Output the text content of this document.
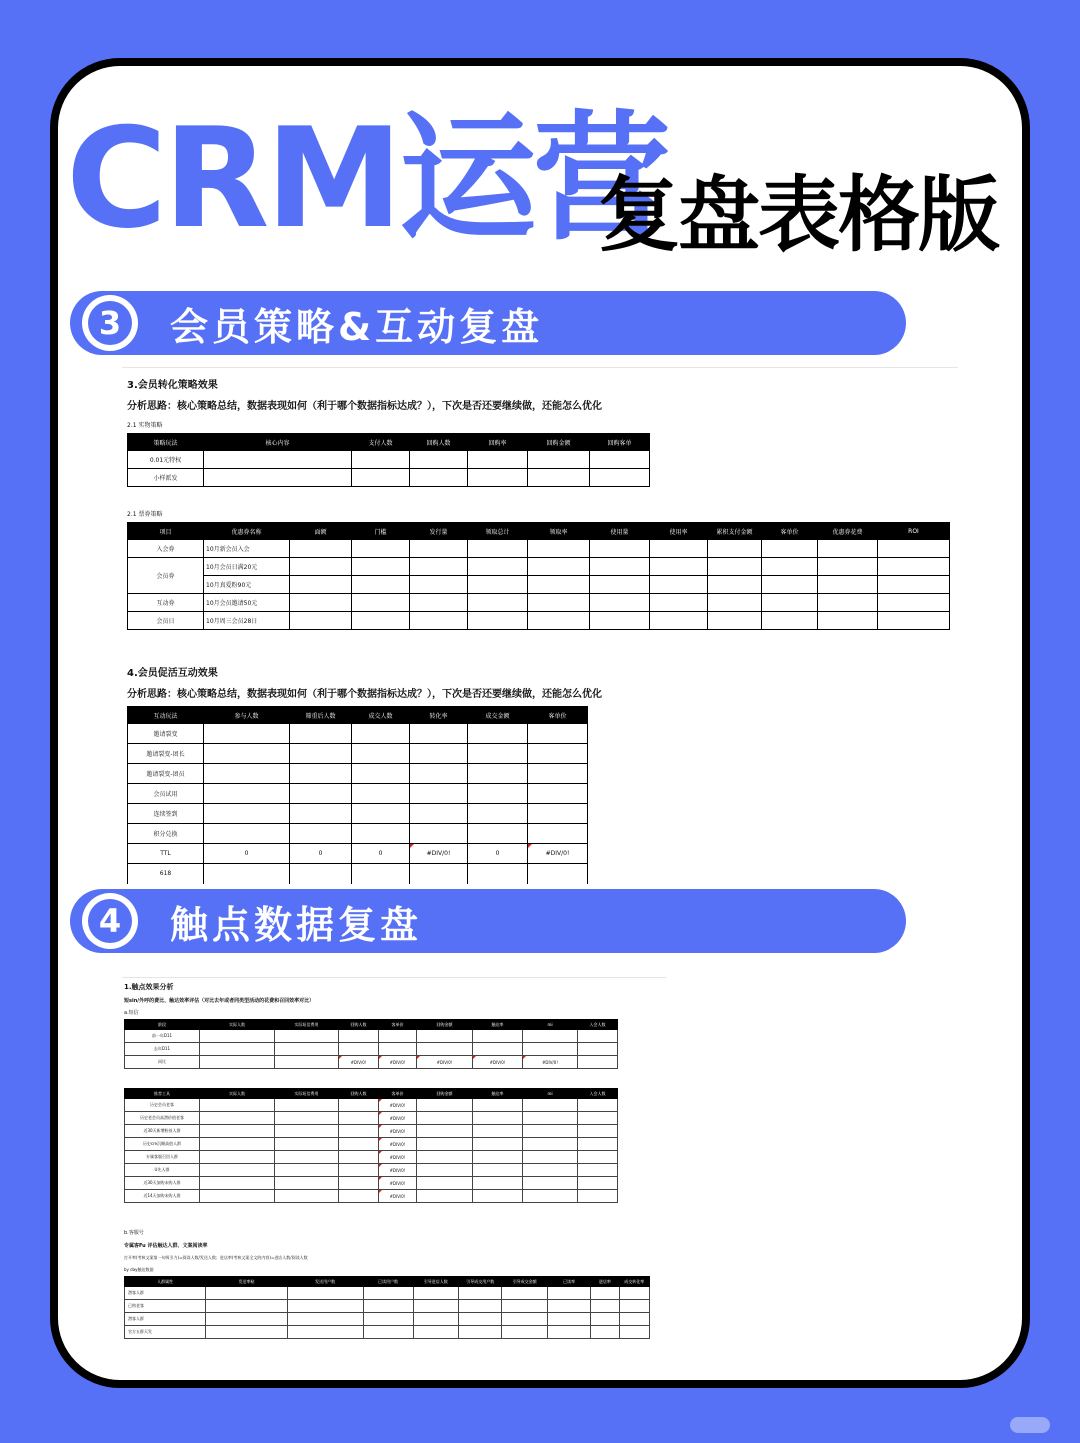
CRM运营
复盘表格版
3 会员策略&互动复盘
3.会员转化策略效果
分析思路：核心策略总结，数据表现如何（利于哪个数据指标达成？），下次是否还要继续做，还能怎么优化
2.1 实物策略
策略玩法	核心内容	支付人数	回购人数	回购率	回购金额	回购客单
0.01元特权						
小样派发						
2.1 票券策略
项目	优惠券名称	面额	门槛	发行量	领取总计	领取率	使用量	使用率	累积支付金额	客单价	优惠券花费	ROI
入会券	10月新会员入会											
会员券	10月会员日满20元											
	10月真爱粉90元											
互动券	10月会员邀请50元											
会员日	10月周三会员28日											
4.会员促活互动效果
分析思路：核心策略总结，数据表现如何（利于哪个数据指标达成？），下次是否还要继续做，还能怎么优化
互动玩法	参与人数	筛重后人数	成交人数	转化率	成交金额	客单价
邀请裂变						
邀请裂变-团长						
邀请裂变-团员						
会员试用						
连续签到						
积分兑换						
TTL	0	0	0	#DIV/0!	0	#DIV/0!
618						
4 触点数据复盘
1.触点效果分析
短sin/外呼的费比、触达效率评估（对比去年或者同类型活动的花费和召回效率对比）
a.短信
阶段	实际人数	实际短信费用	回购人数	客单价	回购金额	触达率	roi	入会人数
前一年D11								
去年D11								
同比			#DIV/0!	#DIV/0!	#DIV/0!	#DIV/0!	#DIV/0!	
推荐工具	实际人数	实际短信费用	回购人数	客单价	回购金额	触达率	roi	入会人数
历史会员老客				#DIV/0!				
历史老会员高潜价值老客				#DIV/0!				
近30天新增粉丝人群				#DIV/0!				
历史cre沉睡高值人群				#DIV/0!				
专属客服召回人群				#DIV/0!				
U先人群				#DIV/0!				
近30天加购未购人群				#DIV/0!				
近14天加购未购人群				#DIV/0!				
b.客服号
专属客Fu 评估触达人群、文案阅读率
打开率(考核文案第一句吸引力)=阅读人数/发送人数；进店率(考核文案全文的内容)=进店人数/阅读人数
by day触达数据
人群属性	发送率粘	发送用户数	已读用户数	引导进店人数	引导成交用户数	引导成交金额	已读率	进店率	成交转化率
潜客人群									
已购老客									
潜客人群									
官方五群天发									
